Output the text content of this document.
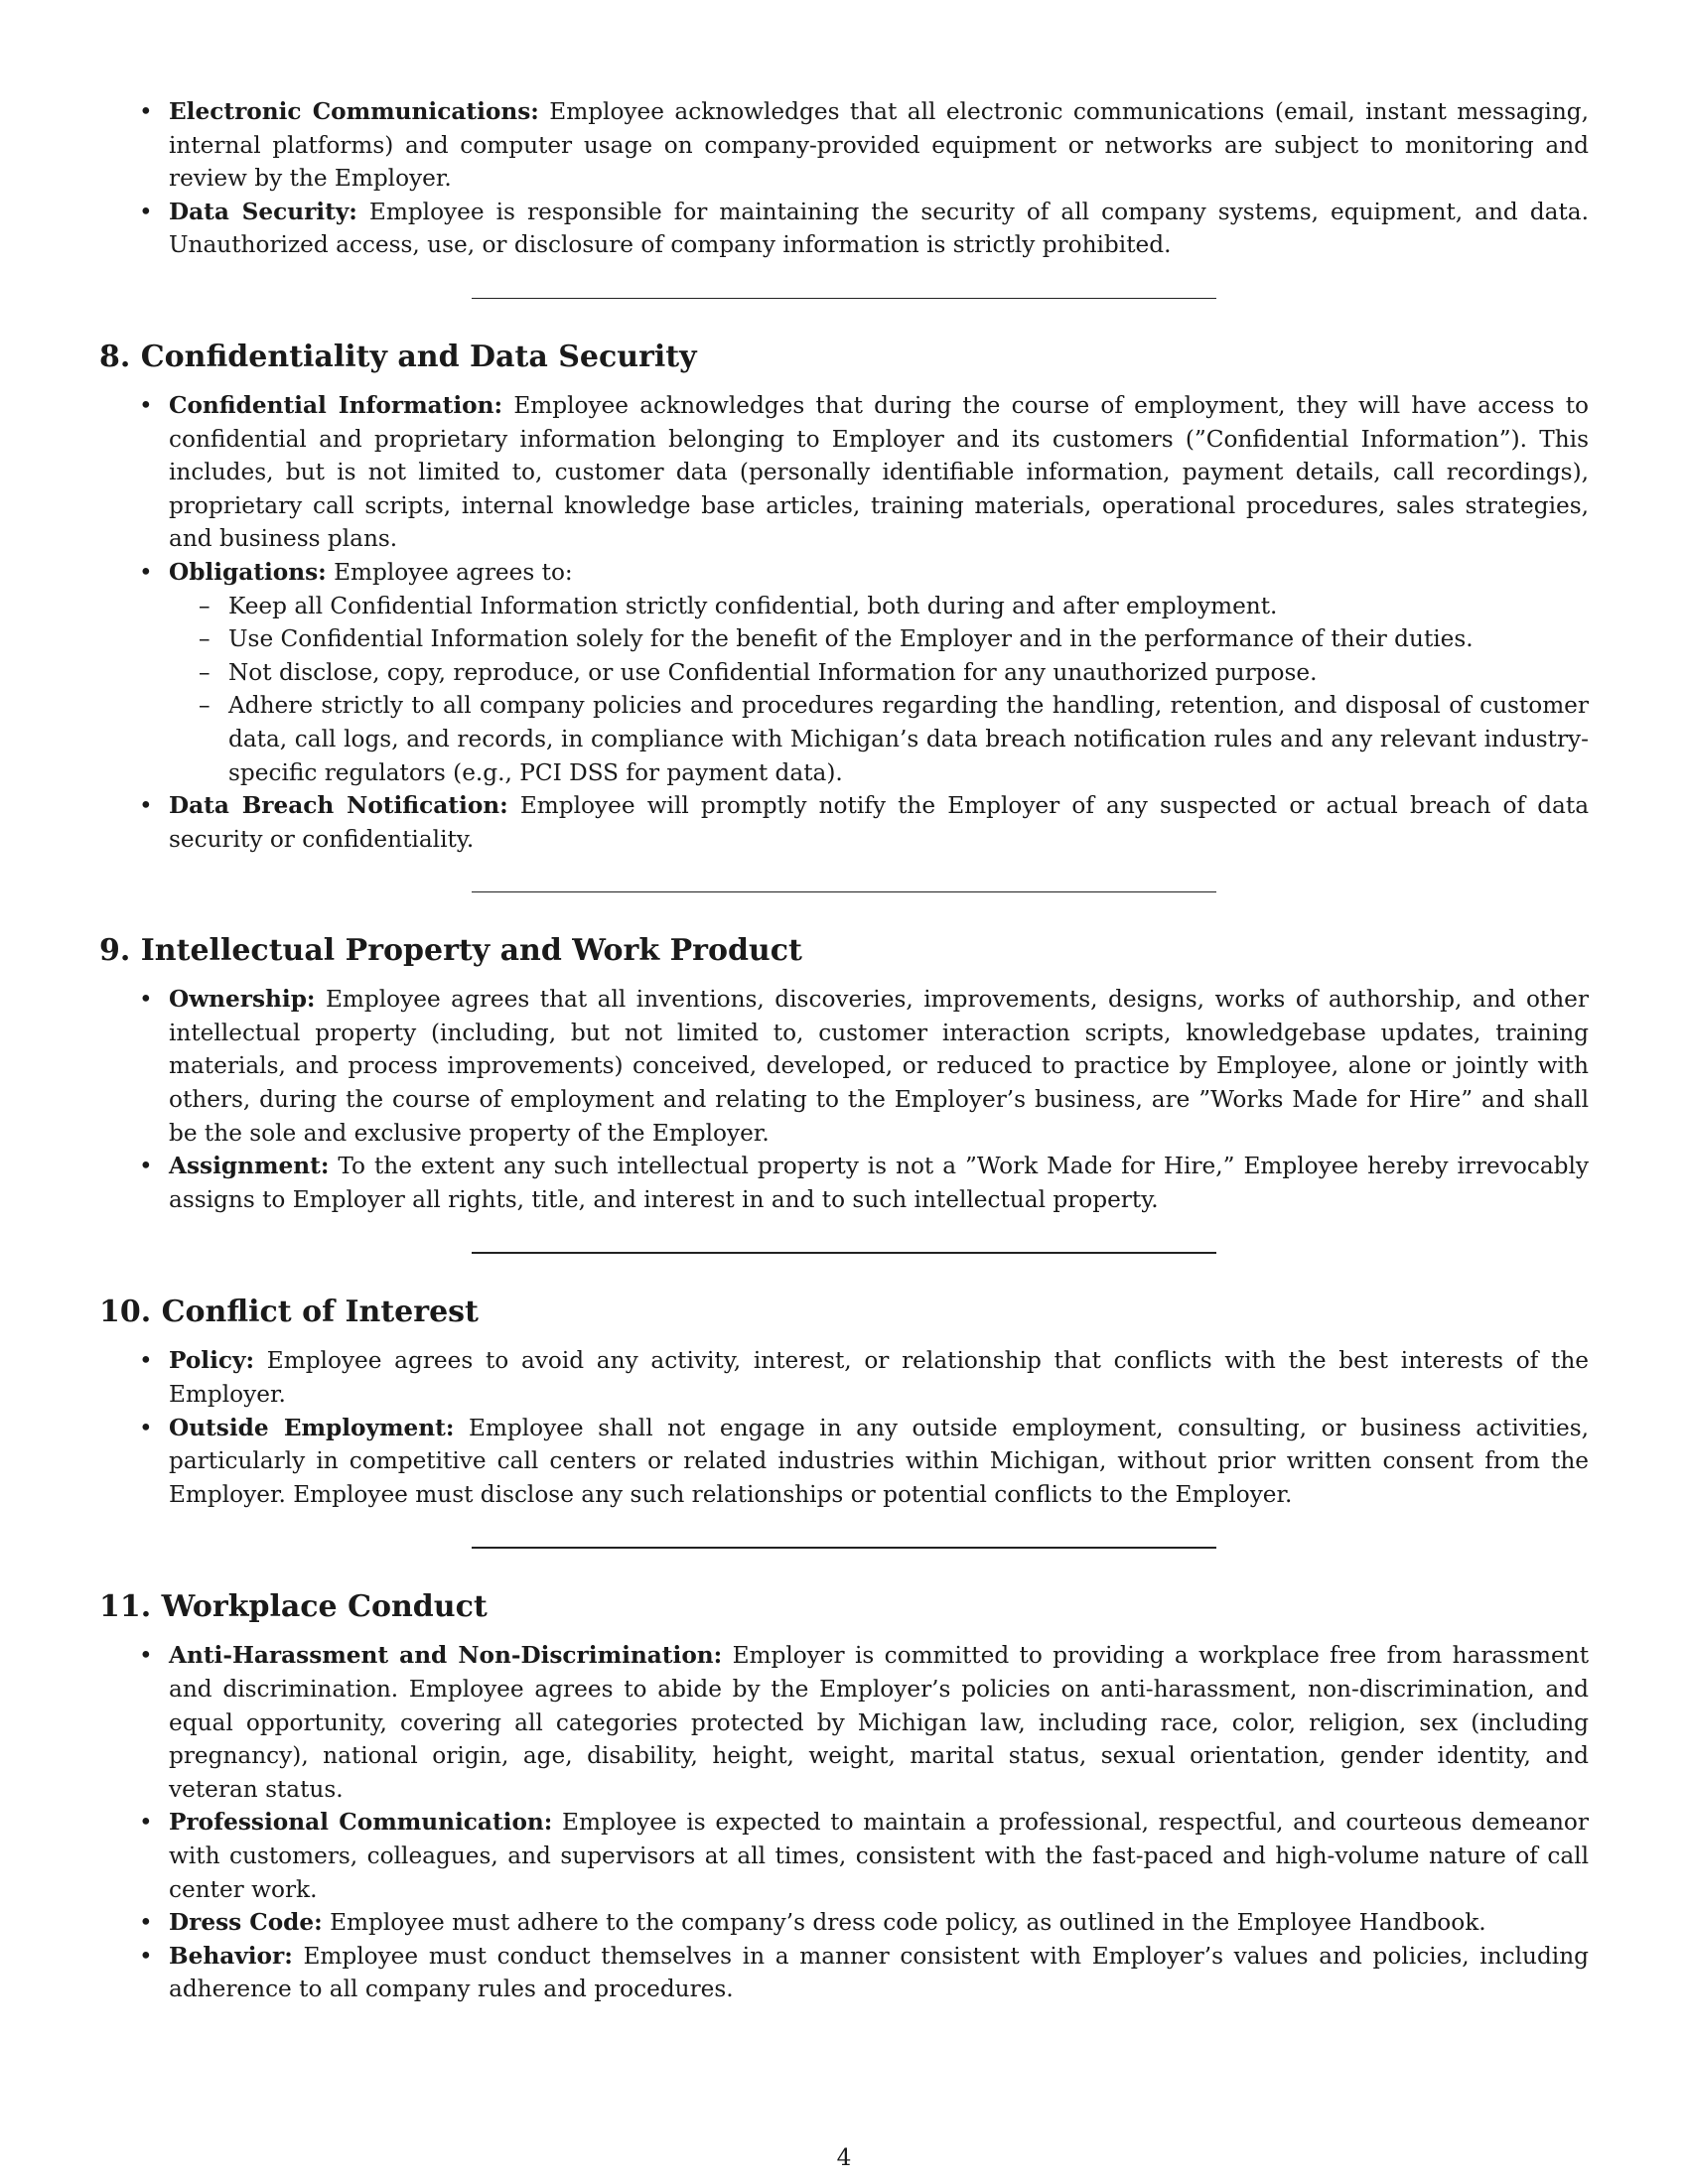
• Electronic Communications: Employee acknowledges that all electronic communications (email, instant messaging, internal platforms) and computer usage on company-provided equipment or networks are subject to monitoring and review by the Employer.
• Data Security: Employee is responsible for maintaining the security of all company systems, equipment, and data. Unauthorized access, use, or disclosure of company information is strictly prohibited.
8. Confidentiality and Data Security
• Confidential Information: Employee acknowledges that during the course of employment, they will have access to confidential and proprietary information belonging to Employer and its customers (”Confidential Information”). This includes, but is not limited to, customer data (personally identifiable information, payment details, call recordings), proprietary call scripts, internal knowledge base articles, training materials, operational procedures, sales strategies, and business plans.
• Obligations: Employee agrees to:
– Keep all Confidential Information strictly confidential, both during and after employment.
– Use Confidential Information solely for the benefit of the Employer and in the performance of their duties.
– Not disclose, copy, reproduce, or use Confidential Information for any unauthorized purpose.
– Adhere strictly to all company policies and procedures regarding the handling, retention, and disposal of customer data, call logs, and records, in compliance with Michigan’s data breach notification rules and any relevant industry-specific regulators (e.g., PCI DSS for payment data).
• Data Breach Notification: Employee will promptly notify the Employer of any suspected or actual breach of data security or confidentiality.
9. Intellectual Property and Work Product
• Ownership: Employee agrees that all inventions, discoveries, improvements, designs, works of authorship, and other intellectual property (including, but not limited to, customer interaction scripts, knowledgebase updates, training materials, and process improvements) conceived, developed, or reduced to practice by Employee, alone or jointly with others, during the course of employment and relating to the Employer’s business, are ”Works Made for Hire” and shall be the sole and exclusive property of the Employer.
• Assignment: To the extent any such intellectual property is not a ”Work Made for Hire,” Employee hereby irrevocably assigns to Employer all rights, title, and interest in and to such intellectual property.
10. Conflict of Interest
• Policy: Employee agrees to avoid any activity, interest, or relationship that conflicts with the best interests of the Employer.
• Outside Employment: Employee shall not engage in any outside employment, consulting, or business activities, particularly in competitive call centers or related industries within Michigan, without prior written consent from the Employer. Employee must disclose any such relationships or potential conflicts to the Employer.
11. Workplace Conduct
• Anti-Harassment and Non-Discrimination: Employer is committed to providing a workplace free from harassment and discrimination. Employee agrees to abide by the Employer’s policies on anti-harassment, non-discrimination, and equal opportunity, covering all categories protected by Michigan law, including race, color, religion, sex (including pregnancy), national origin, age, disability, height, weight, marital status, sexual orientation, gender identity, and veteran status.
• Professional Communication: Employee is expected to maintain a professional, respectful, and courteous demeanor with customers, colleagues, and supervisors at all times, consistent with the fast-paced and high-volume nature of call center work.
• Dress Code: Employee must adhere to the company’s dress code policy, as outlined in the Employee Handbook.
• Behavior: Employee must conduct themselves in a manner consistent with Employer’s values and policies, including adherence to all company rules and procedures.
4
